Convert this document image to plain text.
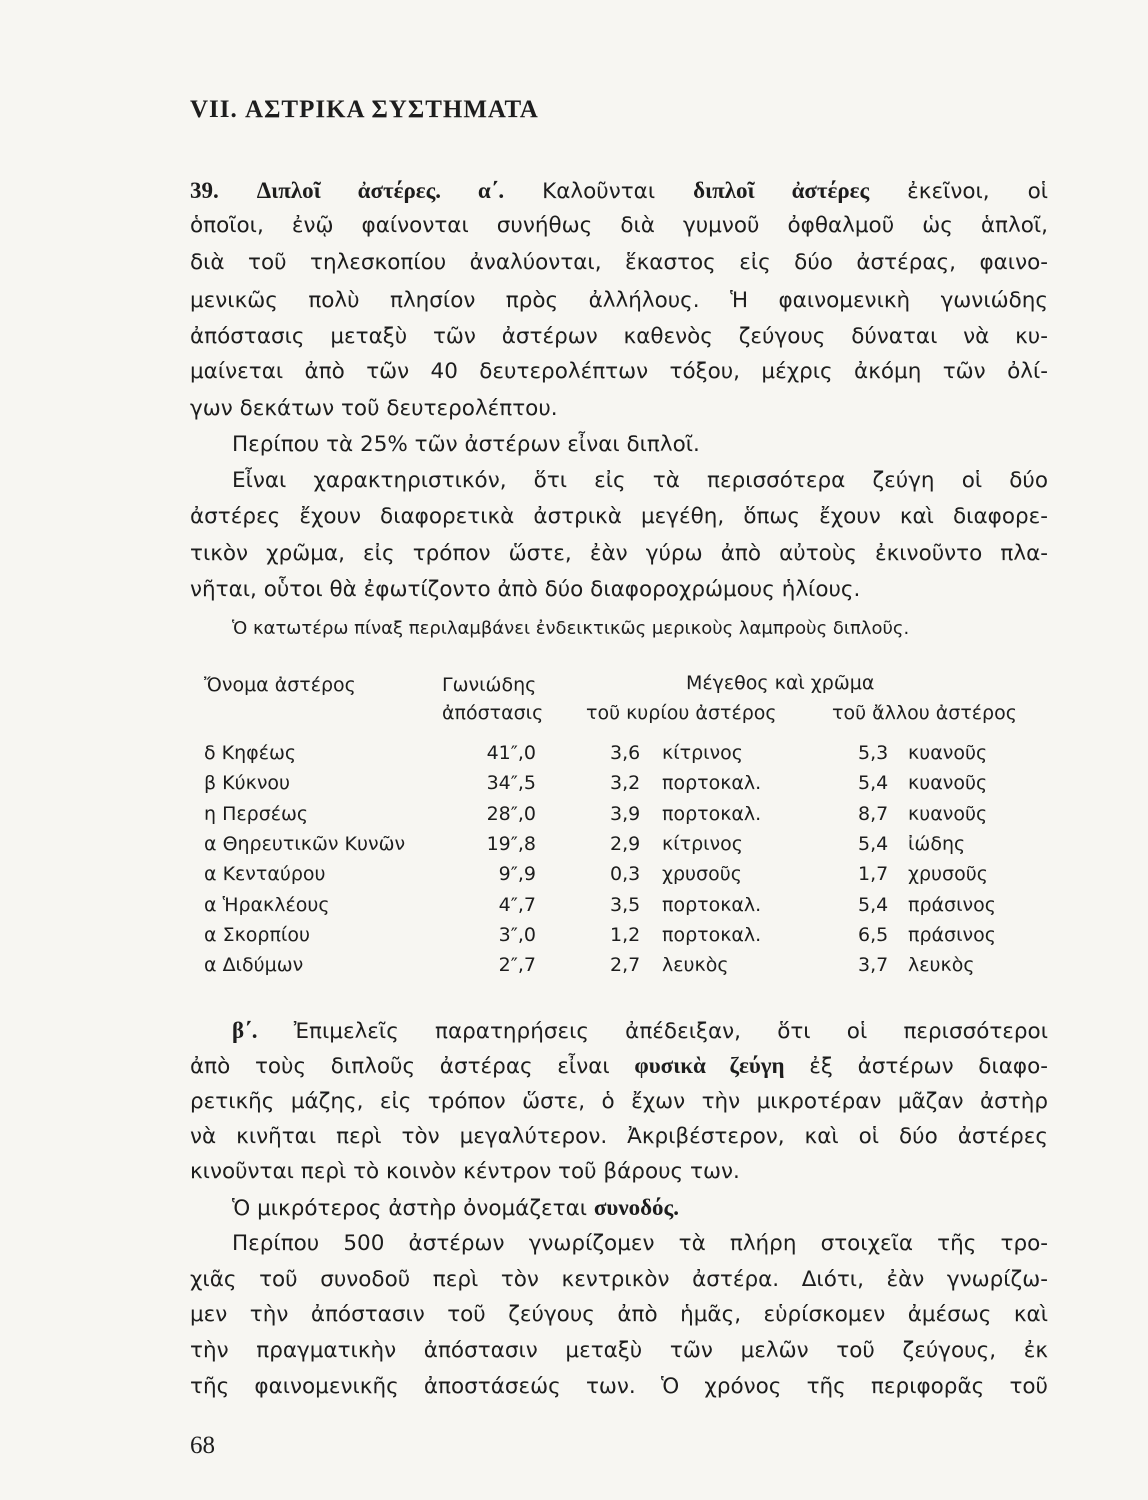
VII. ΑΣΤΡΙΚΑ ΣΥΣΤΗΜΑΤΑ
39. Διπλοῖ ἀστέρες. α΄. Καλοῦνται διπλοῖ ἀστέρες ἐκεῖνοι, οἱ
ὁποῖοι, ἐνῷ φαίνονται συνήθως διὰ γυμνοῦ ὀφθαλμοῦ ὡς ἁπλοῖ,
διὰ τοῦ τηλεσκοπίου ἀναλύονται, ἕκαστος εἰς δύο ἀστέρας, φαινο-
μενικῶς πολὺ πλησίον πρὸς ἀλλήλους. Ἡ φαινομενικὴ γωνιώδης
ἀπόστασις μεταξὺ τῶν ἀστέρων καθενὸς ζεύγους δύναται νὰ κυ-
μαίνεται ἀπὸ τῶν 40 δευτερολέπτων τόξου, μέχρις ἀκόμη τῶν ὀλί-
γων δεκάτων τοῦ δευτερολέπτου.
Περίπου τὰ 25% τῶν ἀστέρων εἶναι διπλοῖ.
Εἶναι χαρακτηριστικόν, ὅτι εἰς τὰ περισσότερα ζεύγη οἱ δύο
ἀστέρες ἔχουν διαφορετικὰ ἀστρικὰ μεγέθη, ὅπως ἔχουν καὶ διαφορε-
τικὸν χρῶμα, εἰς τρόπον ὥστε, ἐὰν γύρω ἀπὸ αὐτοὺς ἐκινοῦντο πλα-
νῆται, οὗτοι θὰ ἐφωτίζοντο ἀπὸ δύο διαφοροχρώμους ἡλίους.
Ὁ κατωτέρω πίναξ περιλαμβάνει ἐνδεικτικῶς μερικοὺς λαμπροὺς διπλοῦς.
Ὄνομα ἀστέρος	Γωνιώδης
ἀπόστασις
Μέγεθος καὶ χρῶμα
τοῦ κυρίου ἀστέρος	τοῦ ἄλλου ἀστέρος
δ Κηφέως	41″,0	3,6 κίτρινος	5,3 κυανοῦς
β Κύκνου	34″,5	3,2 πορτοκαλ.	5,4 κυανοῦς
η Περσέως	28″,0	3,9 πορτοκαλ.	8,7 κυανοῦς
α Θηρευτικῶν Κυνῶν	19″,8	2,9 κίτρινος	5,4 ἰώδης
α Κενταύρου	9″,9	0,3 χρυσοῦς	1,7 χρυσοῦς
α Ἡρακλέους	4″,7	3,5 πορτοκαλ.	5,4 πράσινος
α Σκορπίου	3″,0	1,2 πορτοκαλ.	6,5 πράσινος
α Διδύμων	2″,7	2,7 λευκὸς	3,7 λευκὸς
β΄. Ἐπιμελεῖς παρατηρήσεις ἀπέδειξαν, ὅτι οἱ περισσότεροι
ἀπὸ τοὺς διπλοῦς ἀστέρας εἶναι φυσικὰ ζεύγη ἐξ ἀστέρων διαφο-
ρετικῆς μάζης, εἰς τρόπον ὥστε, ὁ ἔχων τὴν μικροτέραν μᾶζαν ἀστὴρ
νὰ κινῆται περὶ τὸν μεγαλύτερον. Ἀκριβέστερον, καὶ οἱ δύο ἀστέρες
κινοῦνται περὶ τὸ κοινὸν κέντρον τοῦ βάρους των.
Ὁ μικρότερος ἀστὴρ ὀνομάζεται συνοδός.
Περίπου 500 ἀστέρων γνωρίζομεν τὰ πλήρη στοιχεῖα τῆς τρο-
χιᾶς τοῦ συνοδοῦ περὶ τὸν κεντρικὸν ἀστέρα. Διότι, ἐὰν γνωρίζω-
μεν τὴν ἀπόστασιν τοῦ ζεύγους ἀπὸ ἡμᾶς, εὑρίσκομεν ἀμέσως καὶ
τὴν πραγματικὴν ἀπόστασιν μεταξὺ τῶν μελῶν τοῦ ζεύγους, ἐκ
τῆς φαινομενικῆς ἀποστάσεώς των. Ὁ χρόνος τῆς περιφορᾶς τοῦ
68
